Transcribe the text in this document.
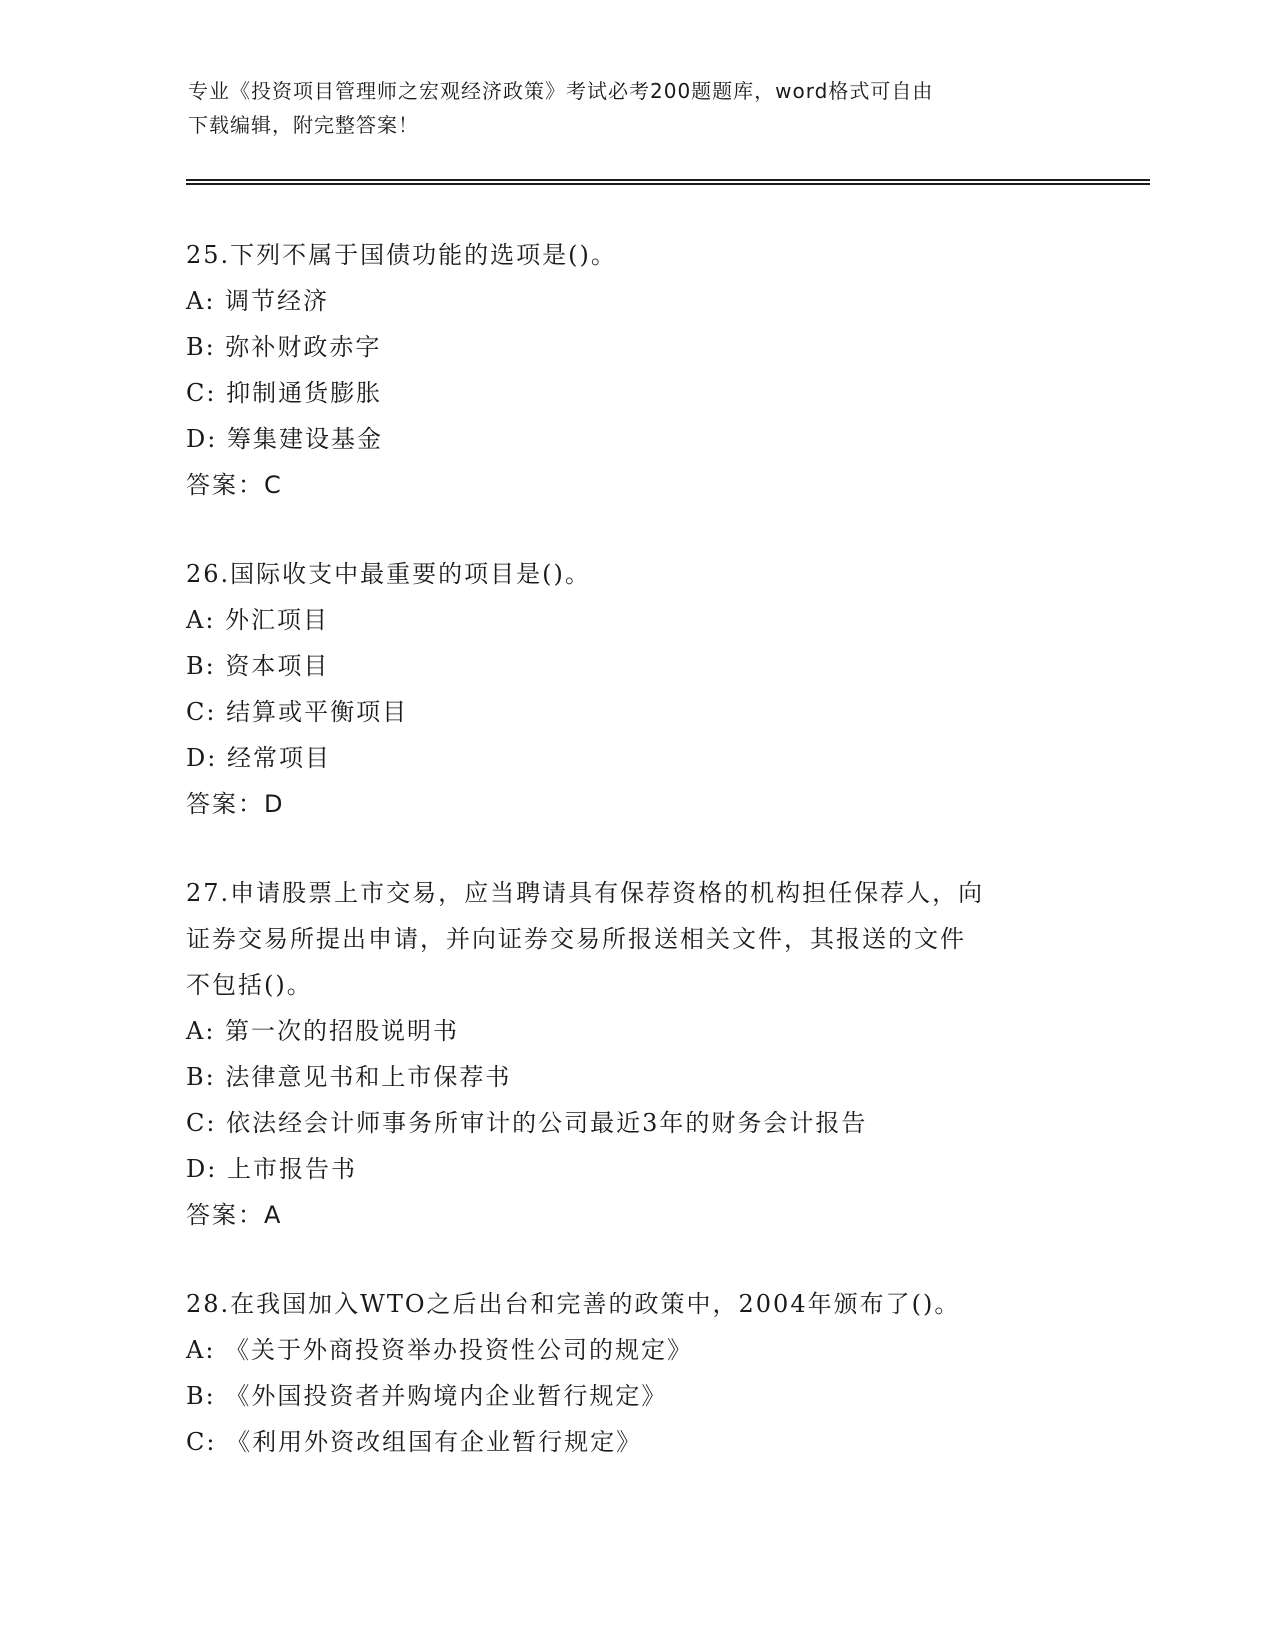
专业《投资项目管理师之宏观经济政策》考试必考200题题库，word格式可自由
下载编辑，附完整答案！
25.下列不属于国债功能的选项是()。
A: 调节经济
B: 弥补财政赤字
C: 抑制通货膨胀
D: 筹集建设基金
答案：C
26.国际收支中最重要的项目是()。
A: 外汇项目
B: 资本项目
C: 结算或平衡项目
D: 经常项目
答案：D
27.申请股票上市交易，应当聘请具有保荐资格的机构担任保荐人，向
证券交易所提出申请，并向证券交易所报送相关文件，其报送的文件
不包括()。
A: 第一次的招股说明书
B: 法律意见书和上市保荐书
C: 依法经会计师事务所审计的公司最近3年的财务会计报告
D: 上市报告书
答案：A
28.在我国加入WTO之后出台和完善的政策中，2004年颁布了()。
A: 《关于外商投资举办投资性公司的规定》
B: 《外国投资者并购境内企业暂行规定》
C: 《利用外资改组国有企业暂行规定》
